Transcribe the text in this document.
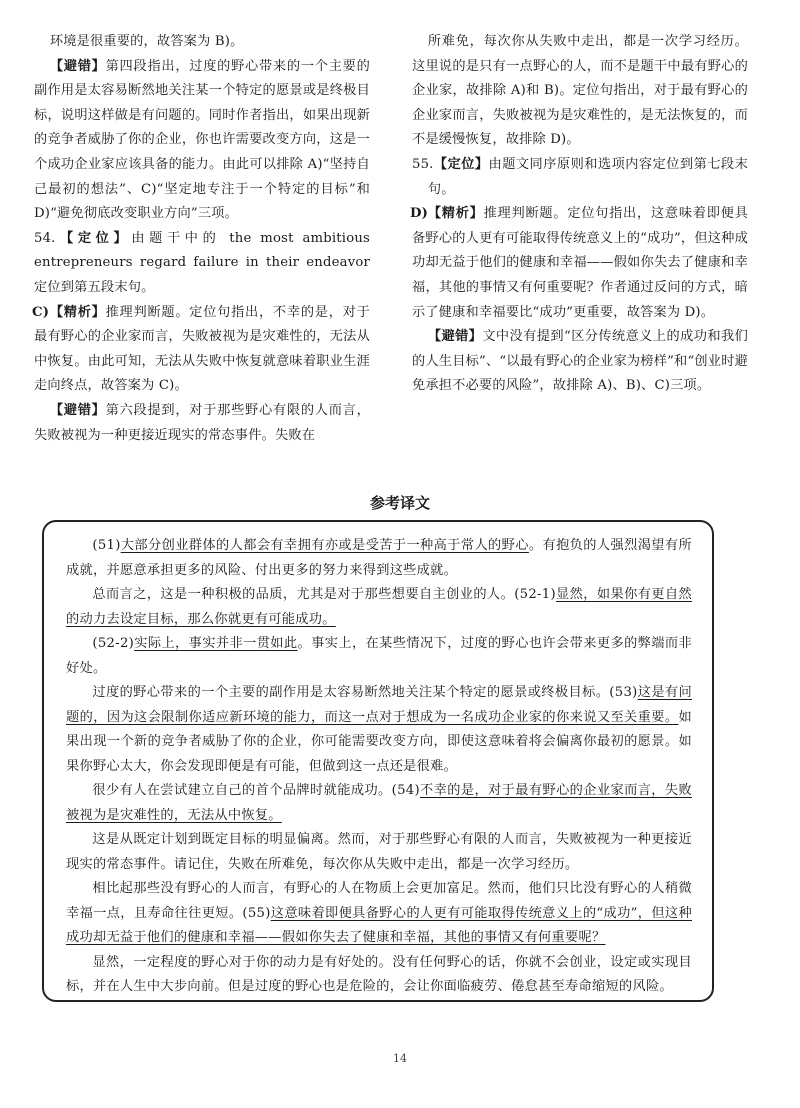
环境是很重要的，故答案为 B)。

【避错】第四段指出，过度的野心带来的一个主要的副作用是太容易断然地关注某一个特定的愿景或是终极目标，说明这样做是有问题的。同时作者指出，如果出现新的竞争者威胁了你的企业，你也许需要改变方向，这是一个成功企业家应该具备的能力。由此可以排除 A)“坚持自己最初的想法”、C)“坚定地专注于一个特定的目标”和 D)“避免彻底改变职业方向”三项。

54.【定位】由题干中的 the most ambitious entrepreneurs regard failure in their endeavor 定位到第五段末句。

C) 【精析】推理判断题。定位句指出，不幸的是，对于最有野心的企业家而言，失败被视为是灾难性的，无法从中恢复。由此可知，无法从失败中恢复就意味着职业生涯走向终点，故答案为 C)。

【避错】第六段提到，对于那些野心有限的人而言，失败被视为一种更接近现实的常态事件。失败在

所难免，每次你从失败中走出，都是一次学习经历。这里说的是只有一点野心的人，而不是题干中最有野心的企业家，故排除 A)和 B)。定位句指出，对于最有野心的企业家而言，失败被视为是灾难性的，是无法恢复的，而不是缓慢恢复，故排除 D)。

55.【定位】由题文同序原则和选项内容定位到第七段末句。

D) 【精析】推理判断题。定位句指出，这意味着即便具备野心的人更有可能取得传统意义上的“成功”，但这种成功却无益于他们的健康和幸福——假如你失去了健康和幸福，其他的事情又有何重要呢？作者通过反问的方式，暗示了健康和幸福要比“成功”更重要，故答案为 D)。

【避错】文中没有提到“区分传统意义上的成功和我们的人生目标”、“以最有野心的企业家为榜样”和“创业时避免承担不必要的风险”，故排除 A)、B)、C)三项。

参考译文

(51)大部分创业群体的人都会有幸拥有亦或是受苦于一种高于常人的野心。有抱负的人强烈渴望有所成就，并愿意承担更多的风险、付出更多的努力来得到这些成就。

总而言之，这是一种积极的品质，尤其是对于那些想要自主创业的人。(52-1)显然，如果你有更自然的动力去设定目标，那么你就更有可能成功。

(52-2)实际上，事实并非一贯如此。事实上，在某些情况下，过度的野心也许会带来更多的弊端而非好处。

过度的野心带来的一个主要的副作用是太容易断然地关注某个特定的愿景或终极目标。(53)这是有问题的，因为这会限制你适应新环境的能力，而这一点对于想成为一名成功企业家的你来说又至关重要。如果出现一个新的竞争者威胁了你的企业，你可能需要改变方向，即使这意味着将会偏离你最初的愿景。如果你野心太大，你会发现即便是有可能，但做到这一点还是很难。

很少有人在尝试建立自己的首个品牌时就能成功。(54)不幸的是，对于最有野心的企业家而言，失败被视为是灾难性的，无法从中恢复。

这是从既定计划到既定目标的明显偏离。然而，对于那些野心有限的人而言，失败被视为一种更接近现实的常态事件。请记住，失败在所难免，每次你从失败中走出，都是一次学习经历。

相比起那些没有野心的人而言，有野心的人在物质上会更加富足。然而，他们只比没有野心的人稍微幸福一点，且寿命往往更短。(55)这意味着即便具备野心的人更有可能取得传统意义上的“成功”，但这种成功却无益于他们的健康和幸福——假如你失去了健康和幸福，其他的事情又有何重要呢？

显然，一定程度的野心对于你的动力是有好处的。没有任何野心的话，你就不会创业，设定或实现目标，并在人生中大步向前。但是过度的野心也是危险的，会让你面临疲劳、倦怠甚至寿命缩短的风险。

14
